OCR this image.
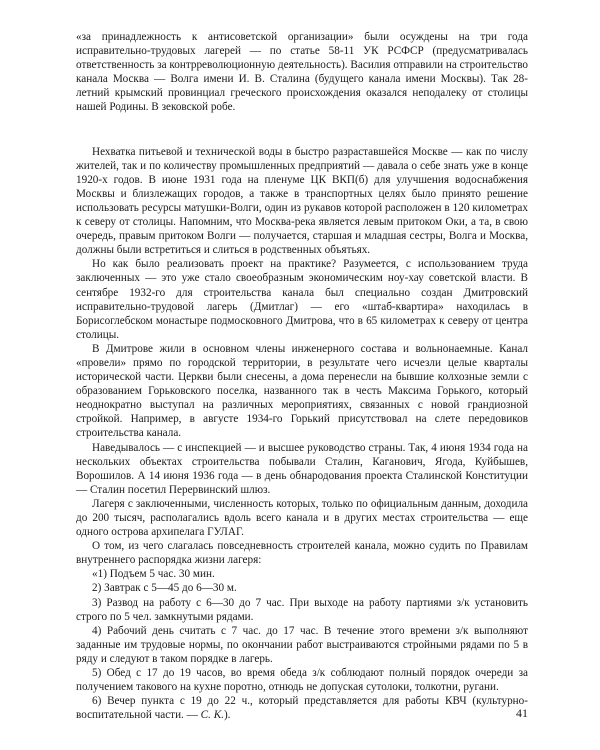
«за принадлежность к антисоветской организации» были осуждены на три года исправительно-трудовых лагерей — по статье 58-11 УК РСФСР (предусматривалась ответственность за контрреволюционную деятельность). Василия отправили на строительство канала Москва — Волга имени И. В. Сталина (будущего канала имени Москвы). Так 28-летний крымский провинциал греческого происхождения оказался неподалеку от столицы нашей Родины. В зековской робе.

Нехватка питьевой и технической воды в быстро разраставшейся Москве — как по числу жителей, так и по количеству промышленных предприятий — давала о себе знать уже в конце 1920-х годов. В июне 1931 года на пленуме ЦК ВКП(б) для улучшения водоснабжения Москвы и близлежащих городов, а также в транспортных целях было принято решение использовать ресурсы матушки-Волги, один из рукавов которой расположен в 120 километрах к северу от столицы. Напомним, что Москва-река является левым притоком Оки, а та, в свою очередь, правым притоком Волги — получается, старшая и младшая сестры, Волга и Москва, должны были встретиться и слиться в родственных объятьях.

Но как было реализовать проект на практике? Разумеется, с использованием труда заключенных — это уже стало своеобразным экономическим ноу-хау советской власти. В сентябре 1932-го для строительства канала был специально создан Дмитровский исправительно-трудовой лагерь (Дмитлаг) — его «штаб-квартира» находилась в Борисоглебском монастыре подмосковного Дмитрова, что в 65 километрах к северу от центра столицы.

В Дмитрове жили в основном члены инженерного состава и вольнонаемные. Канал «провели» прямо по городской территории, в результате чего исчезли целые кварталы исторической части. Церкви были снесены, а дома перенесли на бывшие колхозные земли с образованием Горьковского поселка, названного так в честь Максима Горького, который неоднократно выступал на различных мероприятиях, связанных с новой грандиозной стройкой. Например, в августе 1934-го Горький присутствовал на слете передовиков строительства канала.

Наведывалось — с инспекцией — и высшее руководство страны. Так, 4 июня 1934 года на нескольких объектах строительства побывали Сталин, Каганович, Ягода, Куйбышев, Ворошилов. А 14 июня 1936 года — в день обнародования проекта Сталинской Конституции — Сталин посетил Перервинский шлюз.

Лагеря с заключенными, численность которых, только по официальным данным, доходила до 200 тысяч, располагались вдоль всего канала и в других местах строительства — еще одного острова архипелага ГУЛАГ.

О том, из чего слагалась повседневность строителей канала, можно судить по Правилам внутреннего распорядка жизни лагеря:

«1) Подъем 5 час. 30 мин.

2) Завтрак с 5—45 до 6—30 м.

3) Развод на работу с 6—30 до 7 час. При выходе на работу партиями з/к установить строго по 5 чел. замкнутыми рядами.

4) Рабочий день считать с 7 час. до 17 час. В течение этого времени з/к выполняют заданные им трудовые нормы, по окончании работ выстраиваются стройными рядами по 5 в ряду и следуют в таком порядке в лагерь.

5) Обед с 17 до 19 часов, во время обеда з/к соблюдают полный порядок очереди за получением такового на кухне поротно, отнюдь не допуская сутолоки, толкотни, ругани.

6) Вечер пункта с 19 до 22 ч., который представляется для работы КВЧ (культурно-воспитательной части. — С. К.).	41
